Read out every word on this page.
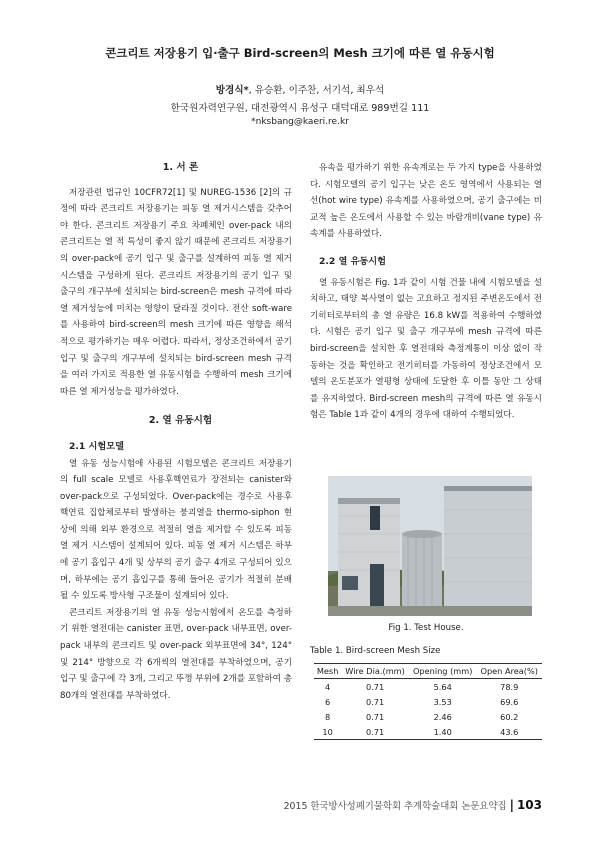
콘크리트 저장용기 입·출구 Bird-screen의 Mesh 크기에 따른 열 유동시험
방경식*, 유승환, 이주찬, 서기석, 최우석
한국원자력연구원, 대전광역시 유성구 대덕대로 989번길 111
*nksbang@kaeri.re.kr

1. 서 론

저장관련 법규인 10CFR72[1] 및 NUREG-1536 [2]의 규정에 따라 콘크리트 저장용기는 피동 열 제거시스템을 갖추어야 한다. 콘크리트 저장용기 주요 차폐체인 over-pack 내의 콘크리트는 열 적 특성이 좋지 않기 때문에 콘크리트 저장용기의 over-pack에 공기 입구 및 출구를 설계하여 피동 열 제거시스템을 구성하게 된다. 콘크리트 저장용기의 공기 입구 및 출구의 개구부에 설치되는 bird-screen은 mesh 규격에 따라 열 제거성능에 미치는 영향이 달라질 것이다. 전산 soft-ware를 사용하여 bird-screen의 mesh 크기에 따른 영향을 해석적으로 평가하기는 매우 어렵다. 따라서, 정상조건하에서 공기 입구 및 출구의 개구부에 설치되는 bird-screen mesh 규격을 여러 가지로 적용한 열 유동시험을 수행하여 mesh 크기에 따른 열 제거성능을 평가하였다.

2. 열 유동시험

2.1 시험모델

열 유동 성능시험에 사용된 시험모델은 콘크리트 저장용기의 full scale 모델로 사용후핵연료가 장전되는 canister와 over-pack으로 구성되었다. Over-pack에는 경수로 사용후핵연료 집합체로부터 발생하는 붕괴열을 thermo-siphon 현상에 의해 외부 환경으로 적절히 열을 제거할 수 있도록 피동 열 제거 시스템이 설계되어 있다. 피동 열 제거 시스템은 하부에 공기 흡입구 4개 및 상부의 공기 출구 4개로 구성되어 있으며, 하부에는 공기 흡입구를 통해 들어온 공기가 적절히 분배될 수 있도록 방사형 구조물이 설계되어 있다.

콘크리트 저장용기의 열 유동 성능시험에서 온도를 측정하기 위한 열전대는 canister 표면, over-pack 내부표면, over-pack 내부의 콘크리트 및 over-pack 외부표면에 34°, 124° 및 214° 방향으로 각 6개씩의 열전대를 부착하였으며, 공기 입구 및 출구에 각 3개, 그리고 뚜껑 부위에 2개를 포함하여 총 80개의 열전대를 부착하였다.

유속을 평가하기 위한 유속계로는 두 가지 type을 사용하였다. 시험모델의 공기 입구는 낮은 온도 영역에서 사용되는 열선(hot wire type) 유속계를 사용하였으며, 공기 출구에는 비교적 높은 온도에서 사용할 수 있는 바람개비(vane type) 유속계를 사용하였다.

2.2 열 유동시험

열 유동시험은 Fig. 1과 같이 시험 건물 내에 시험모델을 설치하고, 태양 복사열이 없는 고요하고 정지된 주변온도에서 전기히터로부터의 총 열 유량은 16.8 kW를 적용하여 수행하였다. 시험은 공기 입구 및 출구 개구부에 mesh 규격에 따른 bird-screen을 설치한 후 열전대와 측정계통이 이상 없이 작동하는 것을 확인하고 전기히터를 가동하여 정상조건에서 모델의 온도분포가 열평형 상태에 도달한 후 이틀 동안 그 상태를 유지하였다. Bird-screen mesh의 규격에 따른 열 유동시험은 Table 1과 같이 4개의 경우에 대하여 수행되었다.

Fig 1. Test House.
Table 1. Bird-screen Mesh Size
Mesh	Wire Dia.(mm)	Opening (mm)	Open Area(%)
4	0.71	5.64	78.9
6	0.71	3.53	69.6
8	0.71	2.46	60.2
10	0.71	1.40	43.6
2015 한국방사성폐기물학회 추계학술대회 논문요약집 | 103
